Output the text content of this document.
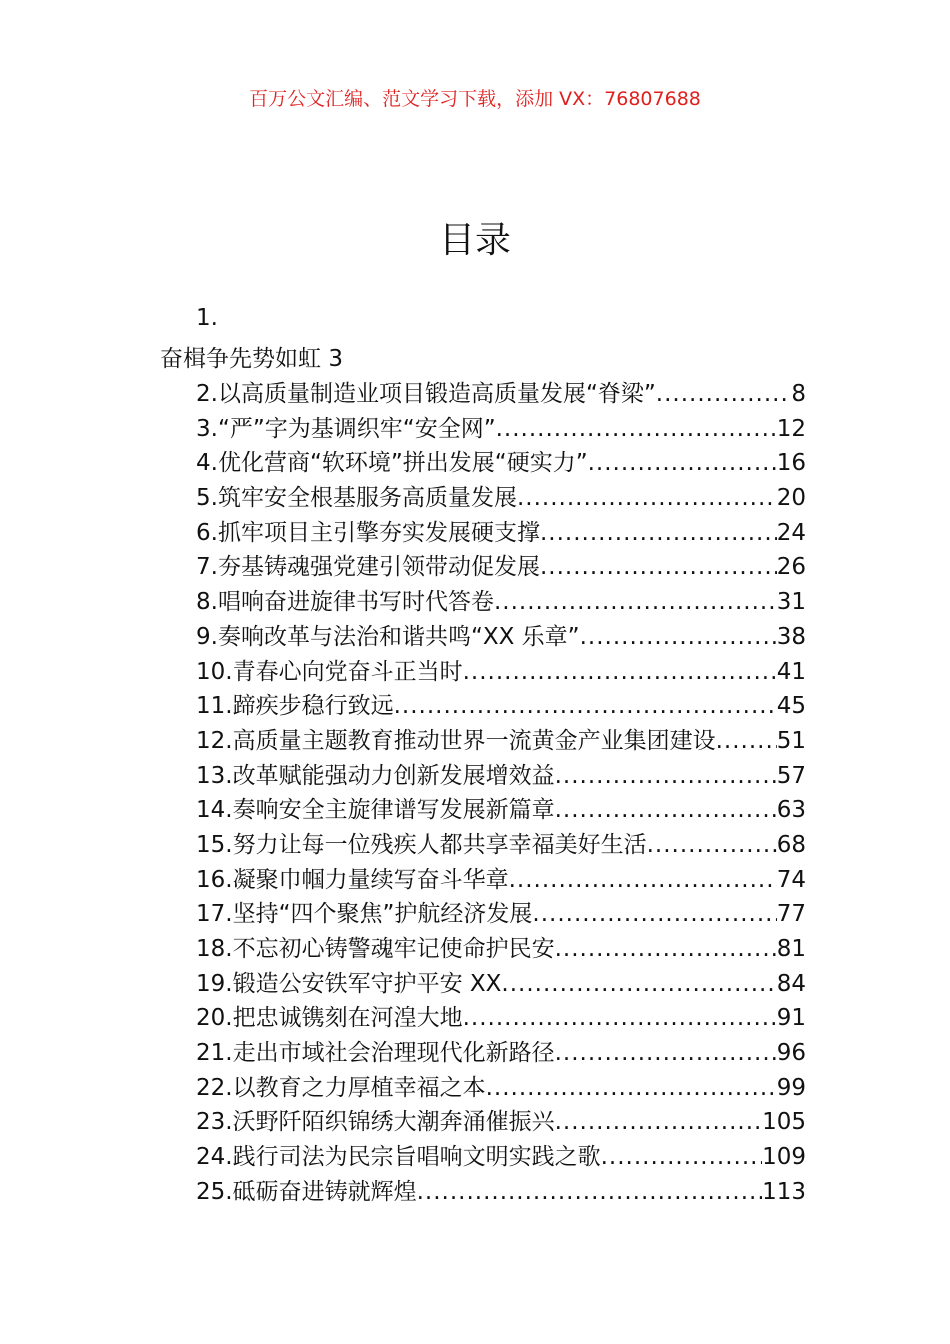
百万公文汇编、范文学习下载，添加 VX：76807688
目录
1.
奋楫争先势如虹 3
2.以高质量制造业项目锻造高质量发展“脊梁” .....	8
3.“严”字为基调织牢“安全网” .....	12
4.优化营商“软环境”拼出发展“硬实力” .....	16
5.筑牢安全根基服务高质量发展 .....	20
6.抓牢项目主引擎夯实发展硬支撑 .....	24
7.夯基铸魂强党建引领带动促发展 .....	26
8.唱响奋进旋律书写时代答卷 .....	31
9.奏响改革与法治和谐共鸣“XX 乐章” .....	38
10.青春心向党奋斗正当时 .....	41
11.蹄疾步稳行致远 .....	45
12.高质量主题教育推动世界一流黄金产业集团建设 .....	51
13.改革赋能强动力创新发展增效益 .....	57
14.奏响安全主旋律谱写发展新篇章 .....	63
15.努力让每一位残疾人都共享幸福美好生活 .....	68
16.凝聚巾帼力量续写奋斗华章 .....	74
17.坚持“四个聚焦”护航经济发展 .....	77
18.不忘初心铸警魂牢记使命护民安 .....	81
19.锻造公安铁军守护平安 XX .....	84
20.把忠诚镌刻在河湟大地 .....	91
21.走出市域社会治理现代化新路径 .....	96
22.以教育之力厚植幸福之本 .....	99
23.沃野阡陌织锦绣大潮奔涌催振兴 .....	105
24.践行司法为民宗旨唱响文明实践之歌 .....	109
25.砥砺奋进铸就辉煌 .....	113
